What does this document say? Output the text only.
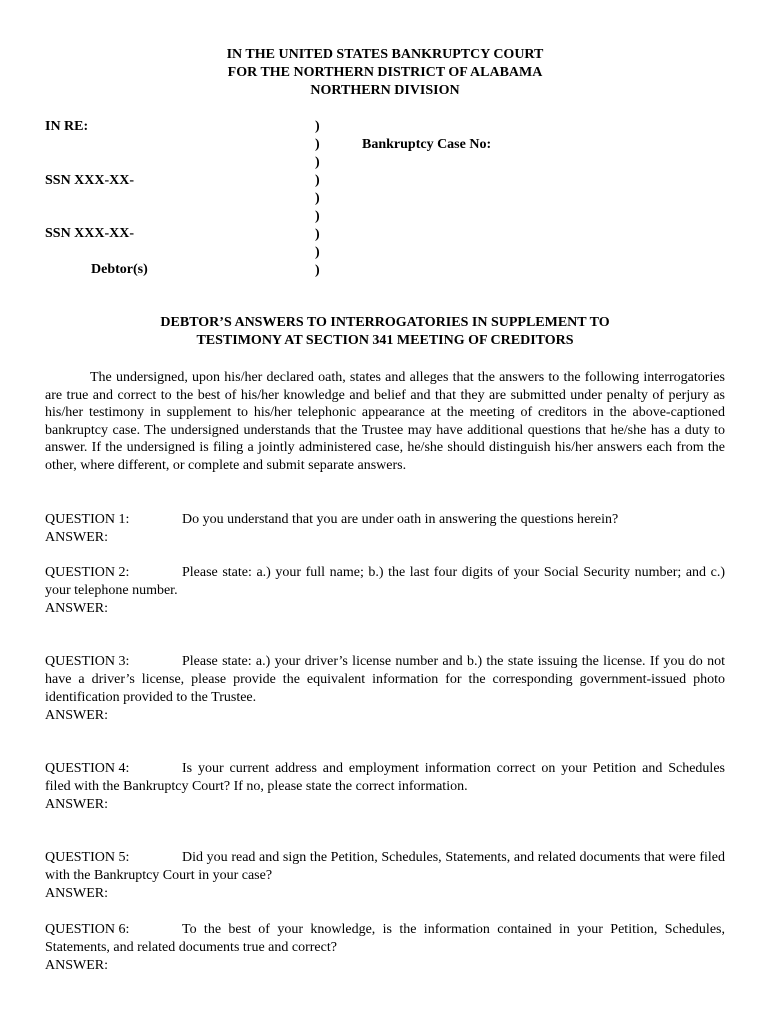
IN THE UNITED STATES BANKRUPTCY COURT
FOR THE NORTHERN DISTRICT OF ALABAMA
NORTHERN DIVISION
IN RE:
SSN XXX-XX-
SSN XXX-XX-
Debtor(s)
)
)
)
)
)
)
)
)
)
Bankruptcy Case No:
DEBTOR’S ANSWERS TO INTERROGATORIES IN SUPPLEMENT TO
TESTIMONY AT SECTION 341 MEETING OF CREDITORS
The undersigned, upon his/her declared oath, states and alleges that the answers to the following interrogatories are true and correct to the best of his/her knowledge and belief and that they are submitted under penalty of perjury as his/her testimony in supplement to his/her telephonic appearance at the meeting of creditors in the above-captioned bankruptcy case. The undersigned understands that the Trustee may have additional questions that he/she has a duty to answer. If the undersigned is filing a jointly administered case, he/she should distinguish his/her answers each from the other, where different, or complete and submit separate answers.
QUESTION 1:	Do you understand that you are under oath in answering the questions herein?
ANSWER:
QUESTION 2:	Please state: a.) your full name; b.) the last four digits of your Social Security number; and c.) your telephone number.
ANSWER:
QUESTION 3:	Please state: a.) your driver’s license number and b.) the state issuing the license. If you do not have a driver’s license, please provide the equivalent information for the corresponding government-issued photo identification provided to the Trustee.
ANSWER:
QUESTION 4:	Is your current address and employment information correct on your Petition and Schedules filed with the Bankruptcy Court? If no, please state the correct information.
ANSWER:
QUESTION 5:	Did you read and sign the Petition, Schedules, Statements, and related documents that were filed with the Bankruptcy Court in your case?
ANSWER:
QUESTION 6:	To the best of your knowledge, is the information contained in your Petition, Schedules, Statements, and related documents true and correct?
ANSWER:
